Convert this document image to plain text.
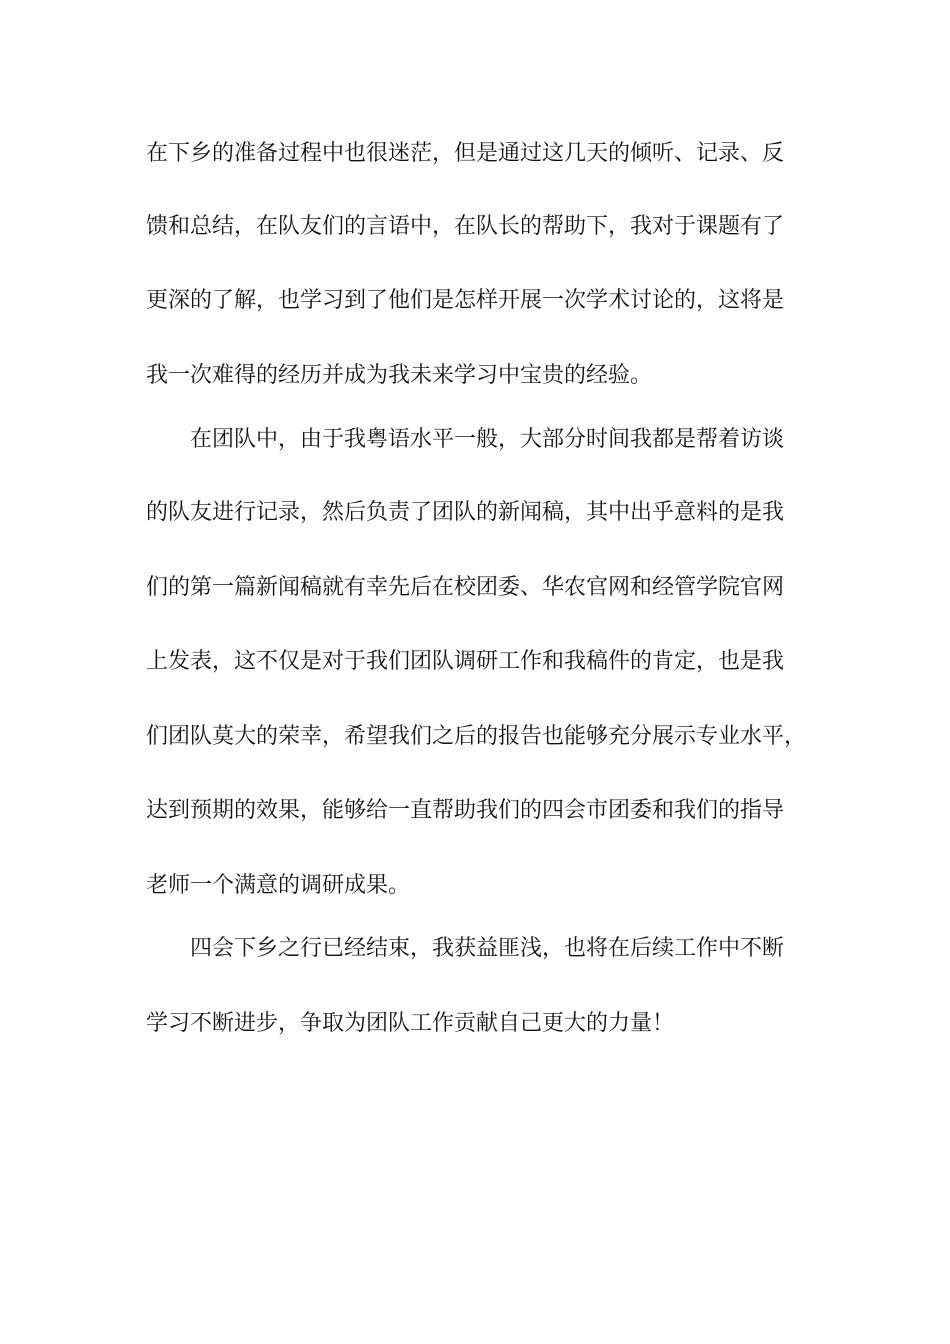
在下乡的准备过程中也很迷茫，但是通过这几天的倾听、记录、反
馈和总结，在队友们的言语中，在队长的帮助下，我对于课题有了
更深的了解，也学习到了他们是怎样开展一次学术讨论的，这将是
我一次难得的经历并成为我未来学习中宝贵的经验。
在团队中，由于我粤语水平一般，大部分时间我都是帮着访谈
的队友进行记录，然后负责了团队的新闻稿，其中出乎意料的是我
们的第一篇新闻稿就有幸先后在校团委、华农官网和经管学院官网
上发表，这不仅是对于我们团队调研工作和我稿件的肯定，也是我
们团队莫大的荣幸，希望我们之后的报告也能够充分展示专业水平，
达到预期的效果，能够给一直帮助我们的四会市团委和我们的指导
老师一个满意的调研成果。
四会下乡之行已经结束，我获益匪浅，也将在后续工作中不断
学习不断进步，争取为团队工作贡献自己更大的力量！
